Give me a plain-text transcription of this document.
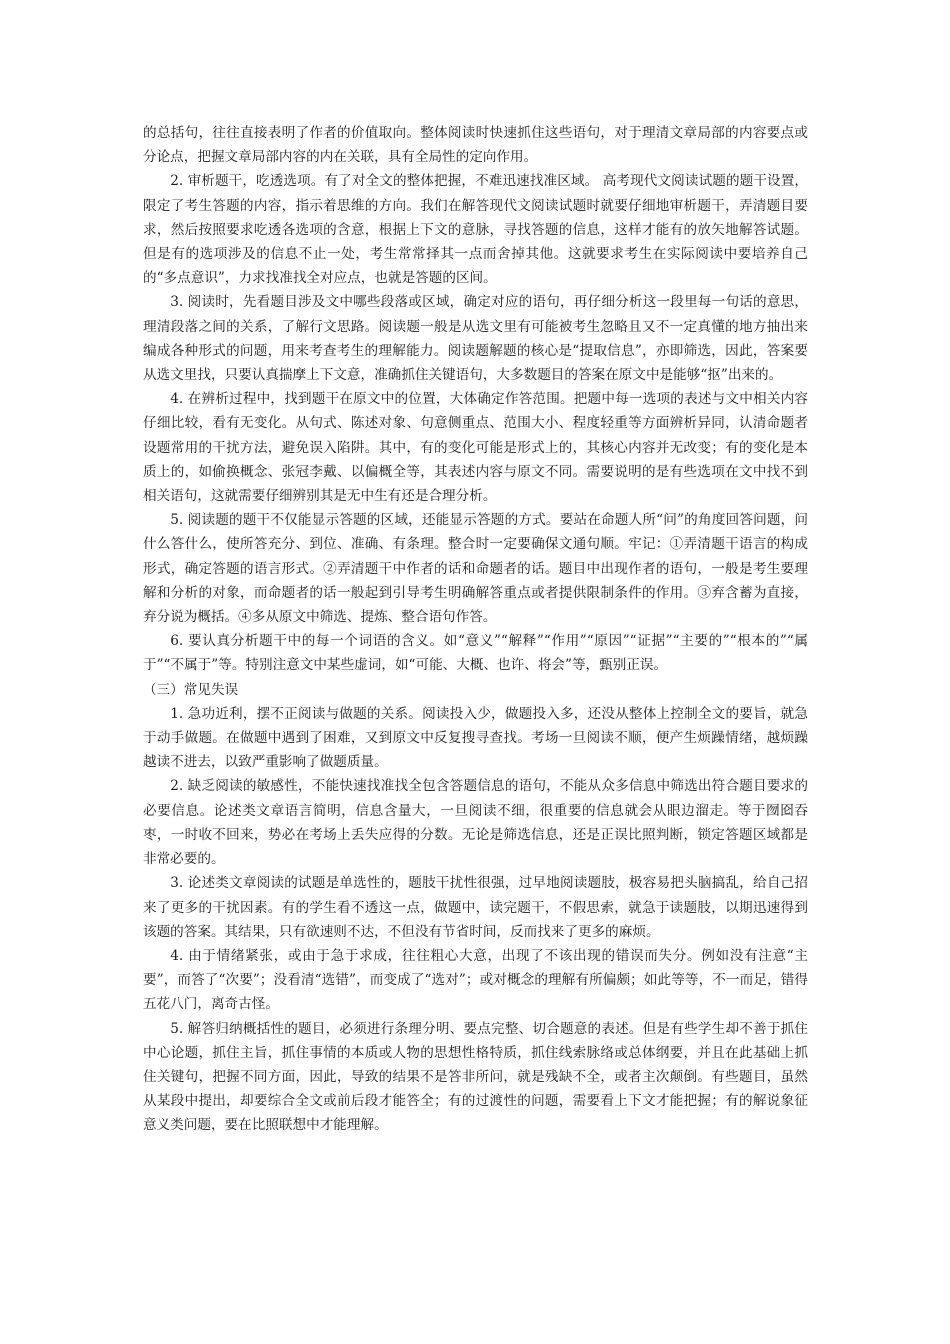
的总括句，往往直接表明了作者的价值取向。整体阅读时快速抓住这些语句，对于理清文章局部的内容要点或分论点，把握文章局部内容的内在关联，具有全局性的定向作用。

2. 审析题干，吃透选项。有了对全文的整体把握，不难迅速找准区域。 高考现代文阅读试题的题干设置，限定了考生答题的内容，指示着思维的方向。我们在解答现代文阅读试题时就要仔细地审析题干，弄清题目要求，然后按照要求吃透各选项的含意，根据上下文的意脉，寻找答题的信息，这样才能有的放矢地解答试题。但是有的选项涉及的信息不止一处，考生常常择其一点而舍掉其他。这就要求考生在实际阅读中要培养自己的“多点意识”，力求找准找全对应点，也就是答题的区间。

3. 阅读时，先看题目涉及文中哪些段落或区域，确定对应的语句，再仔细分析这一段里每一句话的意思，理清段落之间的关系，了解行文思路。阅读题一般是从选文里有可能被考生忽略且又不一定真懂的地方抽出来编成各种形式的问题，用来考查考生的理解能力。阅读题解题的核心是“提取信息”，亦即筛选，因此，答案要从选文里找，只要认真揣摩上下文意，准确抓住关键语句，大多数题目的答案在原文中是能够“抠”出来的。

4. 在辨析过程中，找到题干在原文中的位置，大体确定作答范围。把题中每一选项的表述与文中相关内容仔细比较，看有无变化。从句式、陈述对象、句意侧重点、范围大小、程度轻重等方面辨析异同，认清命题者设题常用的干扰方法，避免误入陷阱。其中，有的变化可能是形式上的，其核心内容并无改变；有的变化是本质上的，如偷换概念、张冠李戴、以偏概全等，其表述内容与原文不同。需要说明的是有些选项在文中找不到相关语句，这就需要仔细辨别其是无中生有还是合理分析。

5. 阅读题的题干不仅能显示答题的区域，还能显示答题的方式。要站在命题人所“问”的角度回答问题，问什么答什么，使所答充分、到位、准确、有条理。整合时一定要确保文通句顺。牢记：①弄清题干语言的构成形式，确定答题的语言形式。②弄清题干中作者的话和命题者的话。题目中出现作者的语句，一般是考生要理解和分析的对象，而命题者的话一般起到引导考生明确解答重点或者提供限制条件的作用。③弃含蓄为直接，弃分说为概括。④多从原文中筛选、提炼、整合语句作答。

6. 要认真分析题干中的每一个词语的含义。如“意义”“解释”“作用”“原因”“证据”“主要的”“根本的”“属于”“不属于”等。特别注意文中某些虚词，如“可能、大概、也许、将会”等，甄别正误。

（三）常见失误

1. 急功近利，摆不正阅读与做题的关系。阅读投入少，做题投入多，还没从整体上控制全文的要旨，就急于动手做题。在做题中遇到了困难，又到原文中反复搜寻查找。考场一旦阅读不顺，便产生烦躁情绪，越烦躁越读不进去，以致严重影响了做题质量。

2. 缺乏阅读的敏感性，不能快速找准找全包含答题信息的语句，不能从众多信息中筛选出符合题目要求的必要信息。论述类文章语言简明，信息含量大，一旦阅读不细，很重要的信息就会从眼边溜走。等于囫囵吞枣，一时收不回来，势必在考场上丢失应得的分数。无论是筛选信息，还是正误比照判断，锁定答题区域都是非常必要的。

3. 论述类文章阅读的试题是单选性的，题肢干扰性很强，过早地阅读题肢，极容易把头脑搞乱，给自己招来了更多的干扰因素。有的学生看不透这一点，做题中，读完题干，不假思索，就急于读题肢，以期迅速得到该题的答案。其结果，只有欲速则不达，不但没有节省时间，反而找来了更多的麻烦。

4. 由于情绪紧张，或由于急于求成，往往粗心大意，出现了不该出现的错误而失分。例如没有注意“主要”，而答了“次要”；没看清“选错”，而变成了“选对”；或对概念的理解有所偏颇；如此等等，不一而足，错得五花八门，离奇古怪。

5. 解答归纳概括性的题目，必须进行条理分明、要点完整、切合题意的表述。但是有些学生却不善于抓住中心论题，抓住主旨，抓住事情的本质或人物的思想性格特质，抓住线索脉络或总体纲要，并且在此基础上抓住关键句，把握不同方面，因此，导致的结果不是答非所问，就是残缺不全，或者主次颠倒。有些题目，虽然从某段中提出，却要综合全文或前后段才能答全；有的过渡性的问题，需要看上下文才能把握；有的解说象征意义类问题，要在比照联想中才能理解。
